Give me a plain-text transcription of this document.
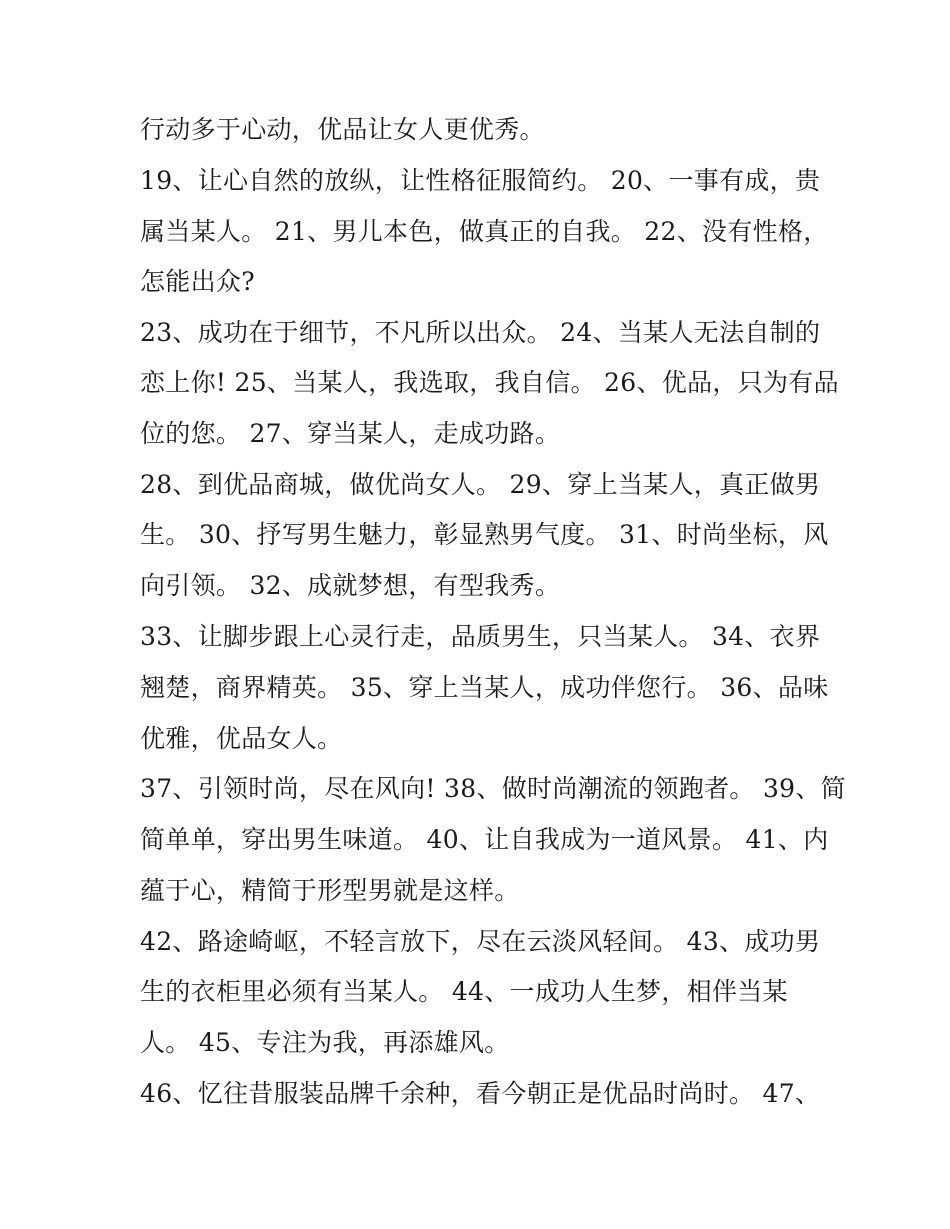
行动多于心动，优品让女人更优秀。
19、让心自然的放纵，让性格征服简约。 20、一事有成，贵
属当某人。 21、男儿本色，做真正的自我。 22、没有性格，
怎能出众?
23、成功在于细节，不凡所以出众。 24、当某人无法自制的
恋上你! 25、当某人，我选取，我自信。 26、优品，只为有品
位的您。 27、穿当某人，走成功路。
28、到优品商城，做优尚女人。 29、穿上当某人，真正做男
生。 30、抒写男生魅力，彰显熟男气度。 31、时尚坐标，风
向引领。 32、成就梦想，有型我秀。
33、让脚步跟上心灵行走，品质男生，只当某人。 34、衣界
翘楚，商界精英。 35、穿上当某人，成功伴您行。 36、品味
优雅，优品女人。
37、引领时尚，尽在风向! 38、做时尚潮流的领跑者。 39、简
简单单，穿出男生味道。 40、让自我成为一道风景。 41、内
蕴于心，精简于形型男就是这样。
42、路途崎岖，不轻言放下，尽在云淡风轻间。 43、成功男
生的衣柜里必须有当某人。 44、一成功人生梦，相伴当某
人。 45、专注为我，再添雄风。
46、忆往昔服装品牌千余种，看今朝正是优品时尚时。 47、
